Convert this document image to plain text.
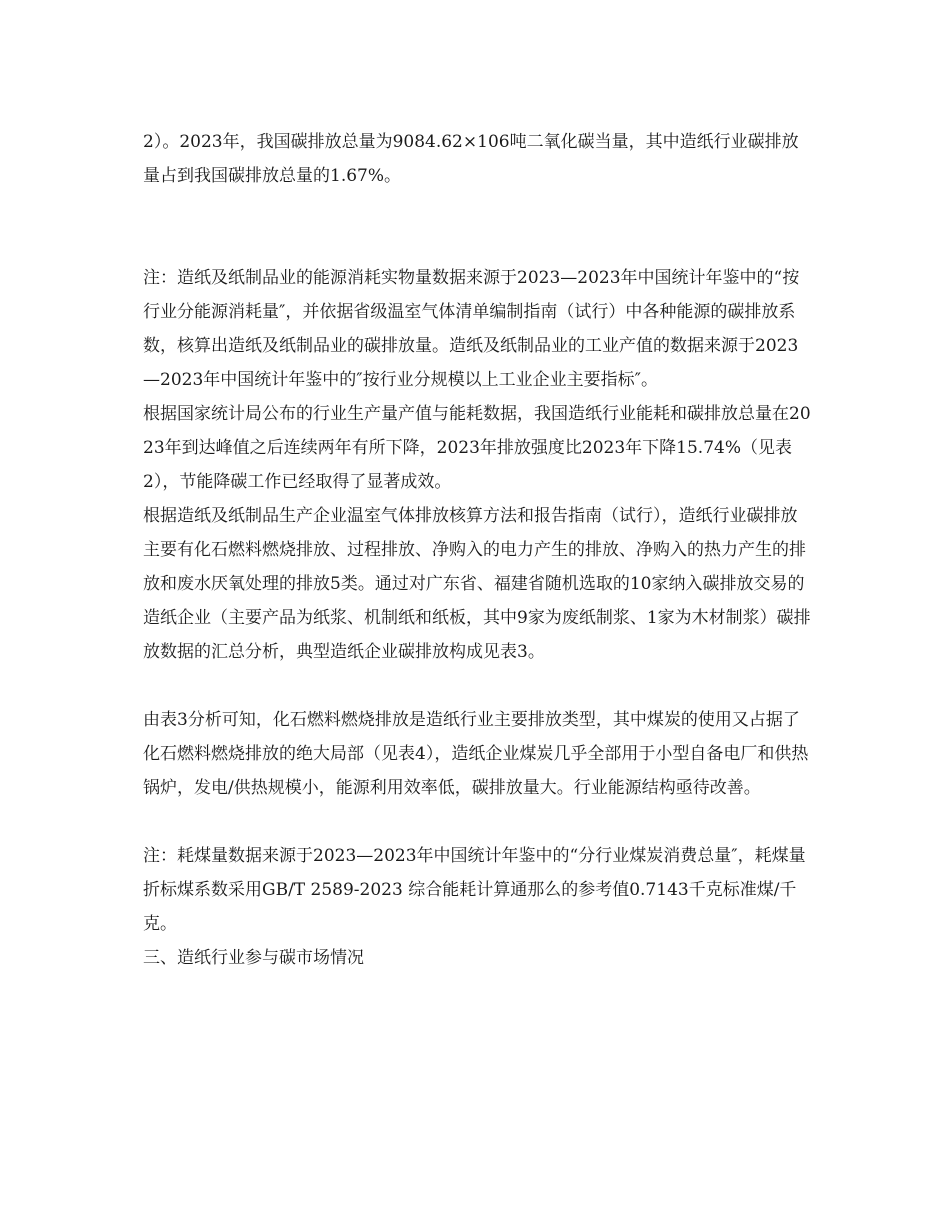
2）。2023年，我国碳排放总量为9084.62×106吨二氧化碳当量，其中造纸行业碳排放量占到我国碳排放总量的1.67%。

注：造纸及纸制品业的能源消耗实物量数据来源于2023—2023年中国统计年鉴中的“按行业分能源消耗量″，并依据省级温室气体清单编制指南（试行）中各种能源的碳排放系数，核算出造纸及纸制品业的碳排放量。造纸及纸制品业的工业产值的数据来源于2023—2023年中国统计年鉴中的″按行业分规模以上工业企业主要指标″。

根据国家统计局公布的行业生产量产值与能耗数据，我国造纸行业能耗和碳排放总量在2023年到达峰值之后连续两年有所下降，2023年排放强度比2023年下降15.74%（见表2），节能降碳工作已经取得了显著成效。

根据造纸及纸制品生产企业温室气体排放核算方法和报告指南（试行），造纸行业碳排放主要有化石燃料燃烧排放、过程排放、净购入的电力产生的排放、净购入的热力产生的排放和废水厌氧处理的排放5类。通过对广东省、福建省随机选取的10家纳入碳排放交易的造纸企业（主要产品为纸浆、机制纸和纸板，其中9家为废纸制浆、1家为木材制浆）碳排放数据的汇总分析，典型造纸企业碳排放构成见表3。

由表3分析可知，化石燃料燃烧排放是造纸行业主要排放类型，其中煤炭的使用又占据了化石燃料燃烧排放的绝大局部（见表4），造纸企业煤炭几乎全部用于小型自备电厂和供热锅炉，发电/供热规模小，能源利用效率低，碳排放量大。行业能源结构亟待改善。

注：耗煤量数据来源于2023—2023年中国统计年鉴中的“分行业煤炭消费总量″，耗煤量折标煤系数采用GB/T 2589-2023 综合能耗计算通那么的参考值0.7143千克标准煤/千克。

三、造纸行业参与碳市场情况
